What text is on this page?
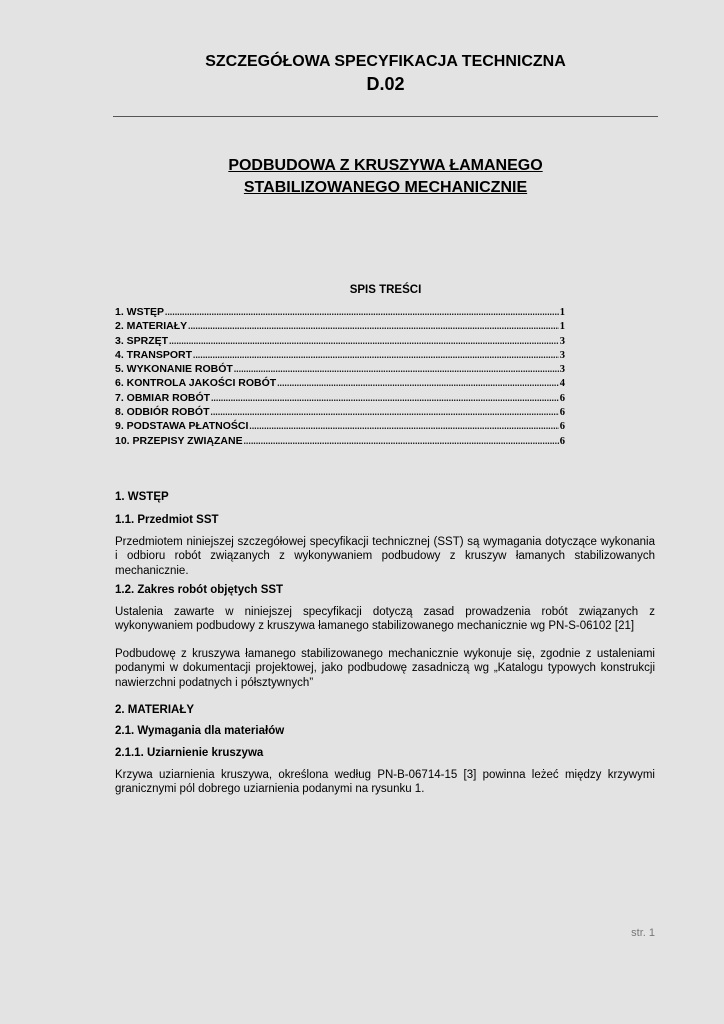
SZCZEGÓŁOWA SPECYFIKACJA TECHNICZNA

D.02

PODBUDOWA Z KRUSZYWA ŁAMANEGO

STABILIZOWANEGO MECHANICZNIE

SPIS TREŚCI

1. WSTĘP .....	1
2. MATERIAŁY .....	1
3. SPRZĘT .....	3
4. TRANSPORT .....	3
5. WYKONANIE ROBÓT .....	3
6. KONTROLA JAKOŚCI ROBÓT .....	4
7. OBMIAR ROBÓT .....	6
8. ODBIÓR ROBÓT .....	6
9. PODSTAWA PŁATNOŚCI .....	6
10. PRZEPISY ZWIĄZANE .....	6

1. WSTĘP

1.1. Przedmiot SST

Przedmiotem niniejszej szczegółowej specyfikacji technicznej (SST) są wymagania dotyczące wykonania i odbioru robót związanych z wykonywaniem podbudowy z kruszyw łamanych stabilizowanych mechanicznie.

1.2. Zakres robót objętych SST

Ustalenia zawarte w niniejszej specyfikacji dotyczą zasad prowadzenia robót związanych z wykonywaniem podbudowy z kruszywa łamanego stabilizowanego mechanicznie wg PN-S-06102 [21]

Podbudowę z kruszywa łamanego stabilizowanego mechanicznie wykonuje się, zgodnie z ustaleniami podanymi w dokumentacji projektowej, jako podbudowę zasadniczą wg „Katalogu typowych konstrukcji nawierzchni podatnych i półsztywnych”

2. MATERIAŁY

2.1. Wymagania dla materiałów

2.1.1. Uziarnienie kruszywa

Krzywa uziarnienia kruszywa, określona według PN-B-06714-15 [3] powinna leżeć między krzywymi granicznymi pól dobrego uziarnienia podanymi na rysunku 1.

str. 1
